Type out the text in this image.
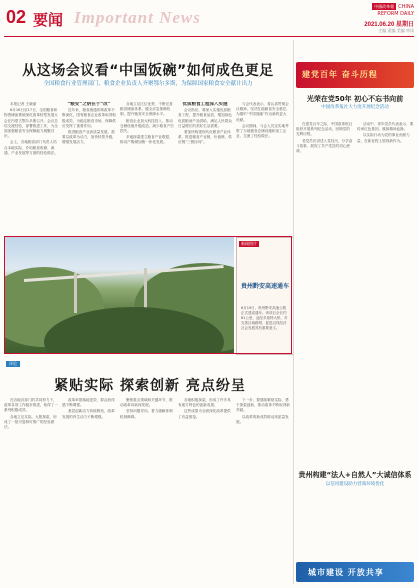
02 要闻 Important News
中國改革報 CHINA REFORM DAILY
2021.06.20 星期日
主编 责编 美编 审读
从这场会议看“中国饭碗”如何成色更足
全国粮食行业管理部门、粮食企业负责人齐聚鄂尔多斯，为保障国家粮食安全献计出力

本报记者 王晓丽

6月16日至17日，全国粮食和物资储备系统深化改革转型发展大会在内蒙古鄂尔多斯召开。会议总结交流经验，部署推进工作，为全面加强粮食安全保障能力凝聚共识。

会上，各地粮食部门负责人结合本地实际，介绍粮食收储、流通、产业发展等方面的经验做法。

“粮安”之钥在于“改”

近年来，粮食流通体制改革不断深化，国有粮食企业改革取得积极成效，为稳定粮食市场、保障供应发挥了重要作用。

推进粮食产业高质量发展，需要以改革为动力，加快转型升级，增强发展活力。

各地立足区位优势，不断完善粮食储备体系，健全应急保障机制，提升粮食安全保障水平。

粮食企业加大科技投入，推动仓储设施升级改造，减少粮食产后损失。

多地探索建立粮食产业联盟，推动产购储加销一体化发展。

优质粮食工程深入实施

会议指出，要深入实施优质粮食工程，提升粮食品质，增加绿色优质粮油产品供给，满足人民群众日益增长的美好生活需要。

要加快构建现代化粮食产业体系，推进粮食产业链、价值链、供应链“三链协同”。

与会代表表示，将认真贯彻会议精神，坚决扛稳粮食安全重任，为端牢“中国饭碗”作出新的更大贡献。

会议期间，与会人员还实地考察了当地粮食仓储设施和加工企业，交流了经验做法。

新闻图片
贵州黔安高速通车
6月19日，贵州黔安高速公路正式建成通车。该项目全长约81公里，途经多座特大桥，对完善区域路网、促进沿线经济社会发展具有重要意义。
评论
紧贴实际 探索创新 亮点纷呈

在各地各部门的共同努力下，改革各项工作稳步推进，取得了一系列积极成效。

各地立足实际，大胆探索，形成了一批可复制可推广的经验做法。

改革举措落地见效，群众获得感不断增强。

基层创新活力持续释放，改革发展的内生动力不断增强。

聚焦重点领域和关键环节，推动改革向纵深发展。

坚持问题导向，着力破解体制机制障碍。

各地积极探索，形成了许多具有地方特色的创新成果。

这些成果为全面深化改革提供了有益借鉴。

下一步，要继续紧贴实际，勇于探索创新，推动改革不断取得新突破。

以改革的新成效推动高质量发展。

建党百年 奋斗历程
光荣在党50年 初心不忘书向前
中国改革报社大力度开展纪念活动

在建党百年之际，中国改革报社组织开展系列纪念活动，回顾党的光辉历程。

老党员们讲述入党经历，分享奋斗故事，展现了共产党员的初心使命。

活动中，青年党员代表表示，要传承红色基因，赓续精神血脉。

以实际行动为党的事业贡献力量，在新征程上展现新作为。

贵州构建“法人+自然人”大诚信体系
以信用建设助力营商环境优化
城市建设 开放共享
